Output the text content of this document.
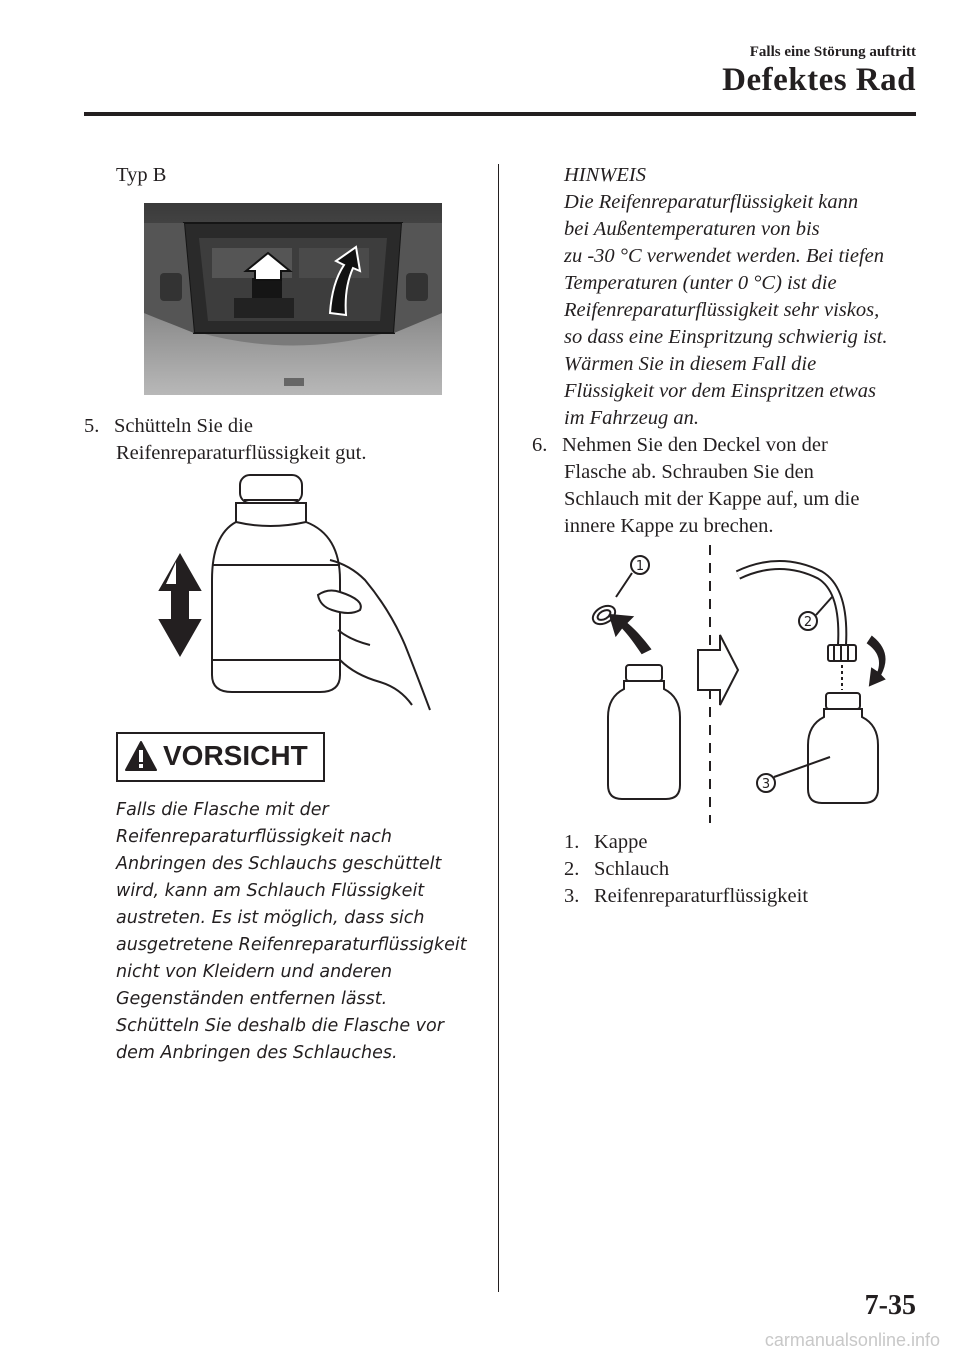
Falls eine Störung auftritt
Defektes Rad
Typ B
5. Schütteln Sie die
Reifenreparaturflüssigkeit gut.
VORSICHT
Falls die Flasche mit der
Reifenreparaturflüssigkeit nach
Anbringen des Schlauchs geschüttelt
wird, kann am Schlauch Flüssigkeit
austreten. Es ist möglich, dass sich
ausgetretene Reifenreparaturflüssigkeit
nicht von Kleidern und anderen
Gegenständen entfernen lässt.
Schütteln Sie deshalb die Flasche vor
dem Anbringen des Schlauches.
HINWEIS
Die Reifenreparaturflüssigkeit kann
bei Außentemperaturen von bis
zu -30 °C verwendet werden. Bei tiefen
Temperaturen (unter 0 °C) ist die
Reifenreparaturflüssigkeit sehr viskos,
so dass eine Einspritzung schwierig ist.
Wärmen Sie in diesem Fall die
Flüssigkeit vor dem Einspritzen etwas
im Fahrzeug an.
6. Nehmen Sie den Deckel von der
Flasche ab. Schrauben Sie den
Schlauch mit der Kappe auf, um die
innere Kappe zu brechen.
1
2
3
1. Kappe
2. Schlauch
3. Reifenreparaturflüssigkeit
7-35
carmanualsonline.info
